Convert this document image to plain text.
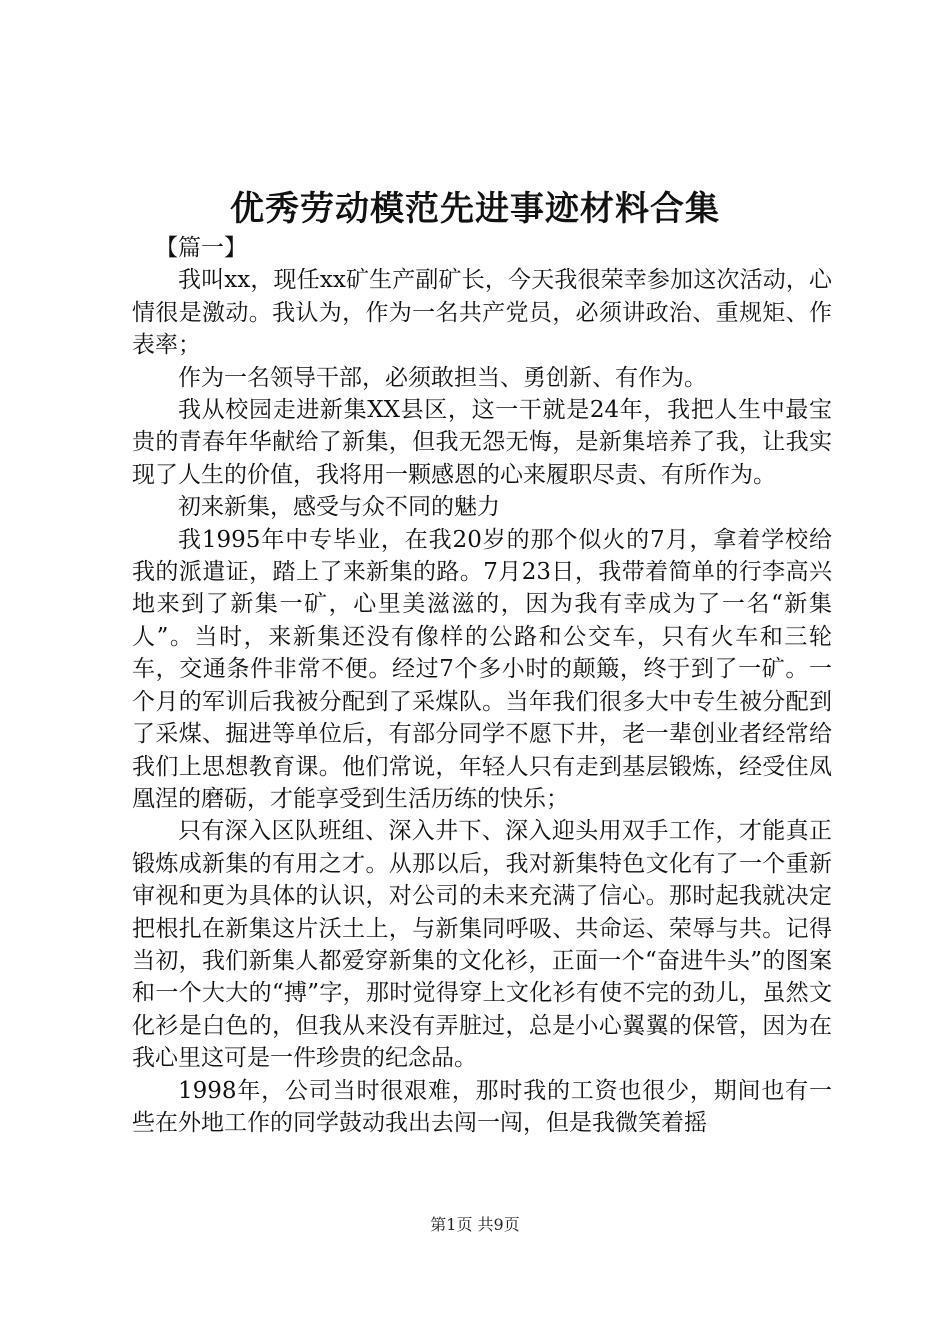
优秀劳动模范先进事迹材料合集

【篇一】

我叫xx，现任xx矿生产副矿长，今天我很荣幸参加这次活动，心情很是激动。我认为，作为一名共产党员，必须讲政治、重规矩、作表率；

作为一名领导干部，必须敢担当、勇创新、有作为。

我从校园走进新集XX县区，这一干就是24年，我把人生中最宝贵的青春年华献给了新集，但我无怨无悔，是新集培养了我，让我实现了人生的价值，我将用一颗感恩的心来履职尽责、有所作为。

初来新集，感受与众不同的魅力

我1995年中专毕业，在我20岁的那个似火的7月，拿着学校给我的派遣证，踏上了来新集的路。7月23日，我带着简单的行李高兴地来到了新集一矿，心里美滋滋的，因为我有幸成为了一名“新集人”。当时，来新集还没有像样的公路和公交车，只有火车和三轮车，交通条件非常不便。经过7个多小时的颠簸，终于到了一矿。一个月的军训后我被分配到了采煤队。当年我们很多大中专生被分配到了采煤、掘进等单位后，有部分同学不愿下井，老一辈创业者经常给我们上思想教育课。他们常说，年轻人只有走到基层锻炼，经受住凤凰涅的磨砺，才能享受到生活历练的快乐；

只有深入区队班组、深入井下、深入迎头用双手工作，才能真正锻炼成新集的有用之才。从那以后，我对新集特色文化有了一个重新审视和更为具体的认识，对公司的未来充满了信心。那时起我就决定把根扎在新集这片沃土上，与新集同呼吸、共命运、荣辱与共。记得当初，我们新集人都爱穿新集的文化衫，正面一个“奋进牛头”的图案和一个大大的“搏”字，那时觉得穿上文化衫有使不完的劲儿，虽然文化衫是白色的，但我从来没有弄脏过，总是小心翼翼的保管，因为在我心里这可是一件珍贵的纪念品。

1998年，公司当时很艰难，那时我的工资也很少，期间也有一些在外地工作的同学鼓动我出去闯一闯，但是我微笑着摇

第1页 共9页
